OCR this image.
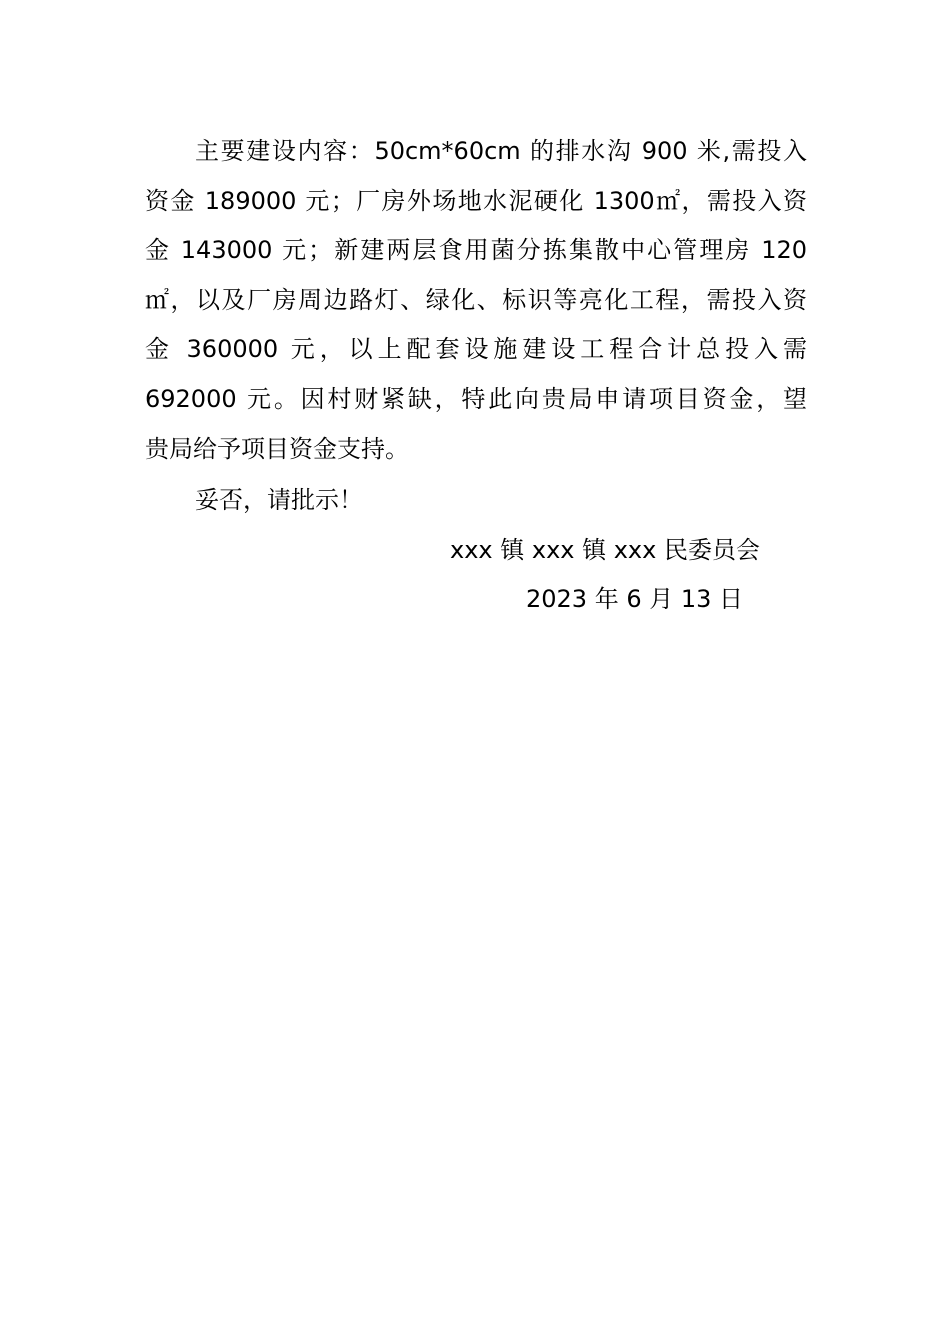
主要建设内容：50cm*60cm 的排水沟 900 米,需投入
资金 189000 元；厂房外场地水泥硬化 1300㎡，需投入资
金 143000 元；新建两层食用菌分拣集散中心管理房 120
㎡，以及厂房周边路灯、绿化、标识等亮化工程，需投入资
金 360000 元，以上配套设施建设工程合计总投入需
692000 元。因村财紧缺，特此向贵局申请项目资金，望
贵局给予项目资金支持。
妥否，请批示！
xxx 镇 xxx 镇 xxx 民委员会
2023 年 6 月 13 日
